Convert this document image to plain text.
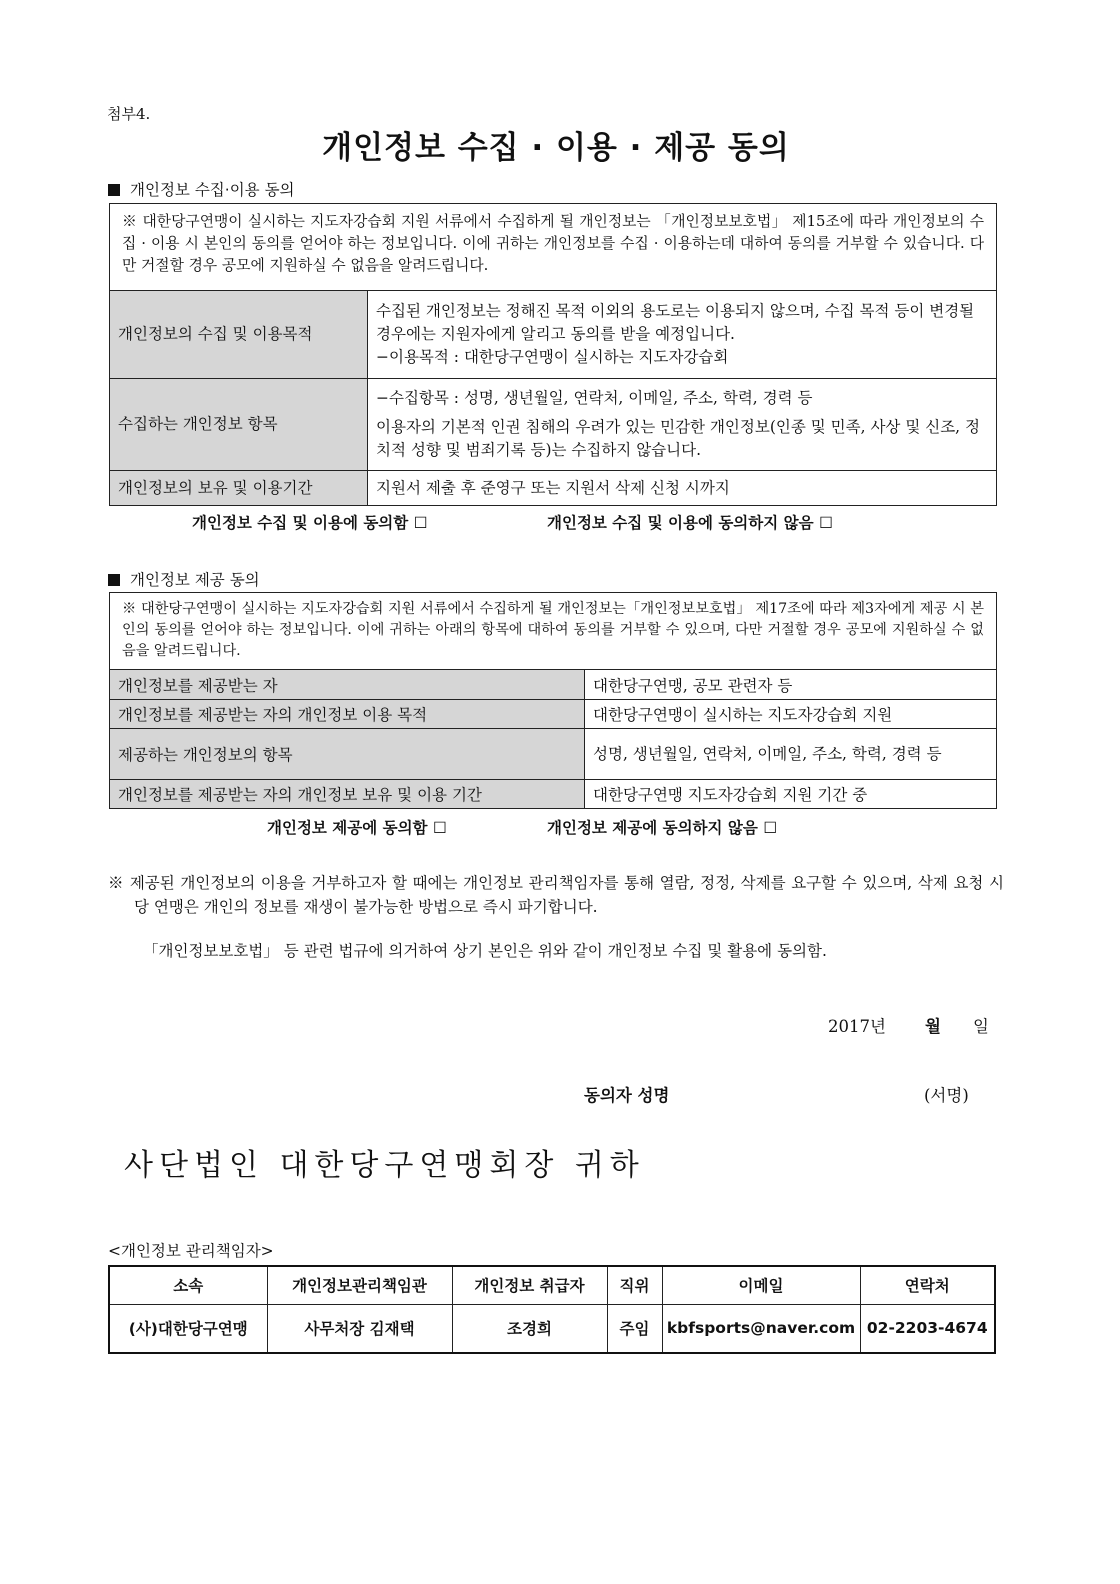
첨부4.
개인정보 수집 · 이용 · 제공 동의
개인정보 수집·이용 동의
※ 대한당구연맹이 실시하는 지도자강습회 지원 서류에서 수집하게 될 개인정보는 「개인정보보호법」 제15조에 따라 개인정보의 수집 · 이용 시 본인의 동의를 얻어야 하는 정보입니다. 이에 귀하는 개인정보를 수집 · 이용하는데 대하여 동의를 거부할 수 있습니다. 다만 거절할 경우 공모에 지원하실 수 없음을 알려드립니다.
개인정보의 수집 및 이용목적	수집된 개인정보는 정해진 목적 이외의 용도로는 이용되지 않으며, 수집 목적 등이 변경될 경우에는 지원자에게 알리고 동의를 받을 예정입니다.
−이용목적 : 대한당구연맹이 실시하는 지도자강습회

수집하는 개인정보 항목	−수집항목 : 성명, 생년월일, 연락처, 이메일, 주소, 학력, 경력 등
이용자의 기본적 인권 침해의 우려가 있는 민감한 개인정보(인종 및 민족, 사상 및 신조, 정치적 성향 및 범죄기록 등)는 수집하지 않습니다.

개인정보의 보유 및 이용기간	지원서 제출 후 준영구 또는 지원서 삭제 신청 시까지
개인정보 수집 및 이용에 동의함 ☐	개인정보 수집 및 이용에 동의하지 않음 ☐
개인정보 제공 동의
※ 대한당구연맹이 실시하는 지도자강습회 지원 서류에서 수집하게 될 개인정보는「개인정보보호법」 제17조에 따라 제3자에게 제공 시 본인의 동의를 얻어야 하는 정보입니다. 이에 귀하는 아래의 항목에 대하여 동의를 거부할 수 있으며, 다만 거절할 경우 공모에 지원하실 수 없음을 알려드립니다.
개인정보를 제공받는 자	대한당구연맹, 공모 관련자 등
개인정보를 제공받는 자의 개인정보 이용 목적	대한당구연맹이 실시하는 지도자강습회 지원
제공하는 개인정보의 항목	성명, 생년월일, 연락처, 이메일, 주소, 학력, 경력 등
개인정보를 제공받는 자의 개인정보 보유 및 이용 기간	대한당구연맹 지도자강습회 지원 기간 중
개인정보 제공에 동의함 ☐	개인정보 제공에 동의하지 않음 ☐
※ 제공된 개인정보의 이용을 거부하고자 할 때에는 개인정보 관리책임자를 통해 열람, 정정, 삭제를 요구할 수 있으며, 삭제 요청 시 당 연맹은 개인의 정보를 재생이 불가능한 방법으로 즉시 파기합니다.
「개인정보보호법」 등 관련 법규에 의거하여 상기 본인은 위와 같이 개인정보 수집 및 활용에 동의함.
2017년 월 일
동의자 성명	(서명)
사단법인 대한당구연맹회장 귀하
<개인정보 관리책임자>
소속	개인정보관리책임관	개인정보 취급자	직위	이메일	연락처
(사)대한당구연맹	사무처장 김재택	조경희	주임	kbfsports@naver.com	02-2203-4674
